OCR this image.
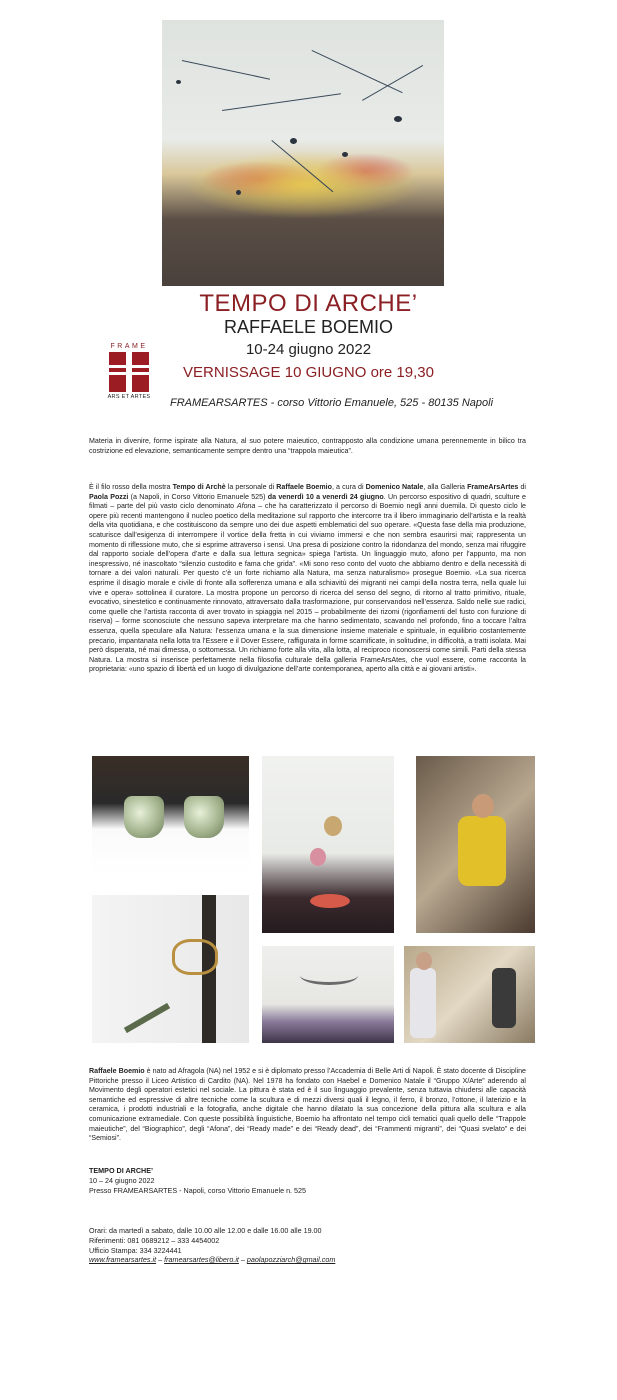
TEMPO DI ARCHE’
RAFFAELE BOEMIO
10-24 giugno 2022
VERNISSAGE 10 GIUGNO ore 19,30
FRAMEARSARTES - corso Vittorio Emanuele, 525 - 80135 Napoli
FRAME
ARS ET ARTES
Materia in divenire, forme ispirate alla Natura, al suo potere maieutico, contrapposto alla condizione umana perennemente in bilico tra costrizione ed elevazione, semanticamente sempre dentro una “trappola maieutica”.
È il filo rosso della mostra Tempo di Archè la personale di Raffaele Boemio, a cura di Domenico Natale, alla Galleria FrameArsArtes di Paola Pozzi (a Napoli, in Corso Vittorio Emanuele 525) da venerdì 10 a venerdì 24 giugno. Un percorso espositivo di quadri, sculture e filmati – parte del più vasto ciclo denominato Afona – che ha caratterizzato il percorso di Boemio negli anni duemila. Di questo ciclo le opere più recenti mantengono il nucleo poetico della meditazione sul rapporto che intercorre tra il libero immaginario dell’artista e la realtà della vita quotidiana, e che costituiscono da sempre uno dei due aspetti emblematici del suo operare. «Questa fase della mia produzione, scaturisce dall’esigenza di interrompere il vortice della fretta in cui viviamo immersi e che non sembra esaurirsi mai; rappresenta un momento di riflessione muto, che si esprime attraverso i sensi. Una presa di posizione contro la ridondanza del mondo, senza mai rifuggire dal rapporto sociale dell’opera d’arte e dalla sua lettura segnica» spiega l’artista. Un linguaggio muto, afono per l’appunto, ma non inespressivo, né inascoltato “silenzio custodito e fama che grida”. «Mi sono reso conto del vuoto che abbiamo dentro e della necessità di tornare a dei valori naturali. Per questo c’è un forte richiamo alla Natura, ma senza naturalismo» prosegue Boemio. «La sua ricerca esprime il disagio morale e civile di fronte alla sofferenza umana e alla schiavitù dei migranti nei campi della nostra terra, nella quale lui vive e opera» sottolinea il curatore. La mostra propone un percorso di ricerca del senso del segno, di ritorno al tratto primitivo, rituale, evocativo, sinestetico e continuamente rinnovato, attraversato dalla trasformazione, pur conservandosi nell’essenza. Saldo nelle sue radici, come quelle che l’artista racconta di aver trovato in spiaggia nel 2015 – probabilmente dei rizomi (rigonfiamenti del fusto con funzione di riserva) – forme sconosciute che nessuno sapeva interpretare ma che hanno sedimentato, scavando nel profondo, fino a toccare l’altra essenza, quella speculare alla Natura: l’essenza umana e la sua dimensione insieme materiale e spirituale, in equilibrio costantemente precario, impantanata nella lotta tra l’Essere e il Dover Essere, raffigurata in forme scarnificate, in solitudine, in difficoltà, a tratti isolata. Mai però disperata, né mai dimessa, o sottomessa. Un richiamo forte alla vita, alla lotta, al reciproco riconoscersi come simili. Parti della stessa Natura. La mostra si inserisce perfettamente nella filosofia culturale della galleria FrameArsAtes, che vuol essere, come racconta la proprietaria: «uno spazio di libertà ed un luogo di divulgazione dell’arte contemporanea, aperto alla città e ai giovani artisti».
Raffaele Boemio è nato ad Afragola (NA) nel 1952 e si è diplomato presso l’Accademia di Belle Arti di Napoli. È stato docente di Discipline Pittoriche presso il Liceo Artistico di Cardito (NA). Nel 1978 ha fondato con Haebel e Domenico Natale il “Gruppo X/Arte” aderendo al Movimento degli operatori estetici nel sociale. La pittura è stata ed è il suo linguaggio prevalente, senza tuttavia chiudersi alle capacità semantiche ed espressive di altre tecniche come la scultura e di mezzi diversi quali il legno, il ferro, il bronzo, l’ottone, il laterizio e la ceramica, i prodotti industriali e la fotografia, anche digitale che hanno dilatato la sua concezione della pittura alla scultura e alla comunicazione extramediale. Con queste possibilità linguistiche, Boemio ha affrontato nel tempo cicli tematici quali quello delle “Trappole maieutiche”, del “Biographico”, degli “Afona”, dei “Ready made” e dei “Ready dead”, dei “Frammenti migranti”, dei “Quasi svelato” e dei “Semiosi”.
TEMPO DI ARCHE’
10 – 24 giugno 2022
Presso FRAMEARSARTES - Napoli, corso Vittorio Emanuele n. 525
Orari: da martedì a sabato, dalle 10.00 alle 12.00 e dalle 16.00 alle 19.00
Riferimenti: 081 0689212 – 333 4454002
Ufficio Stampa: 334 3224441
www.framearsartes.it – framearsartes@libero.it – paolapozziarch@gmail.com
